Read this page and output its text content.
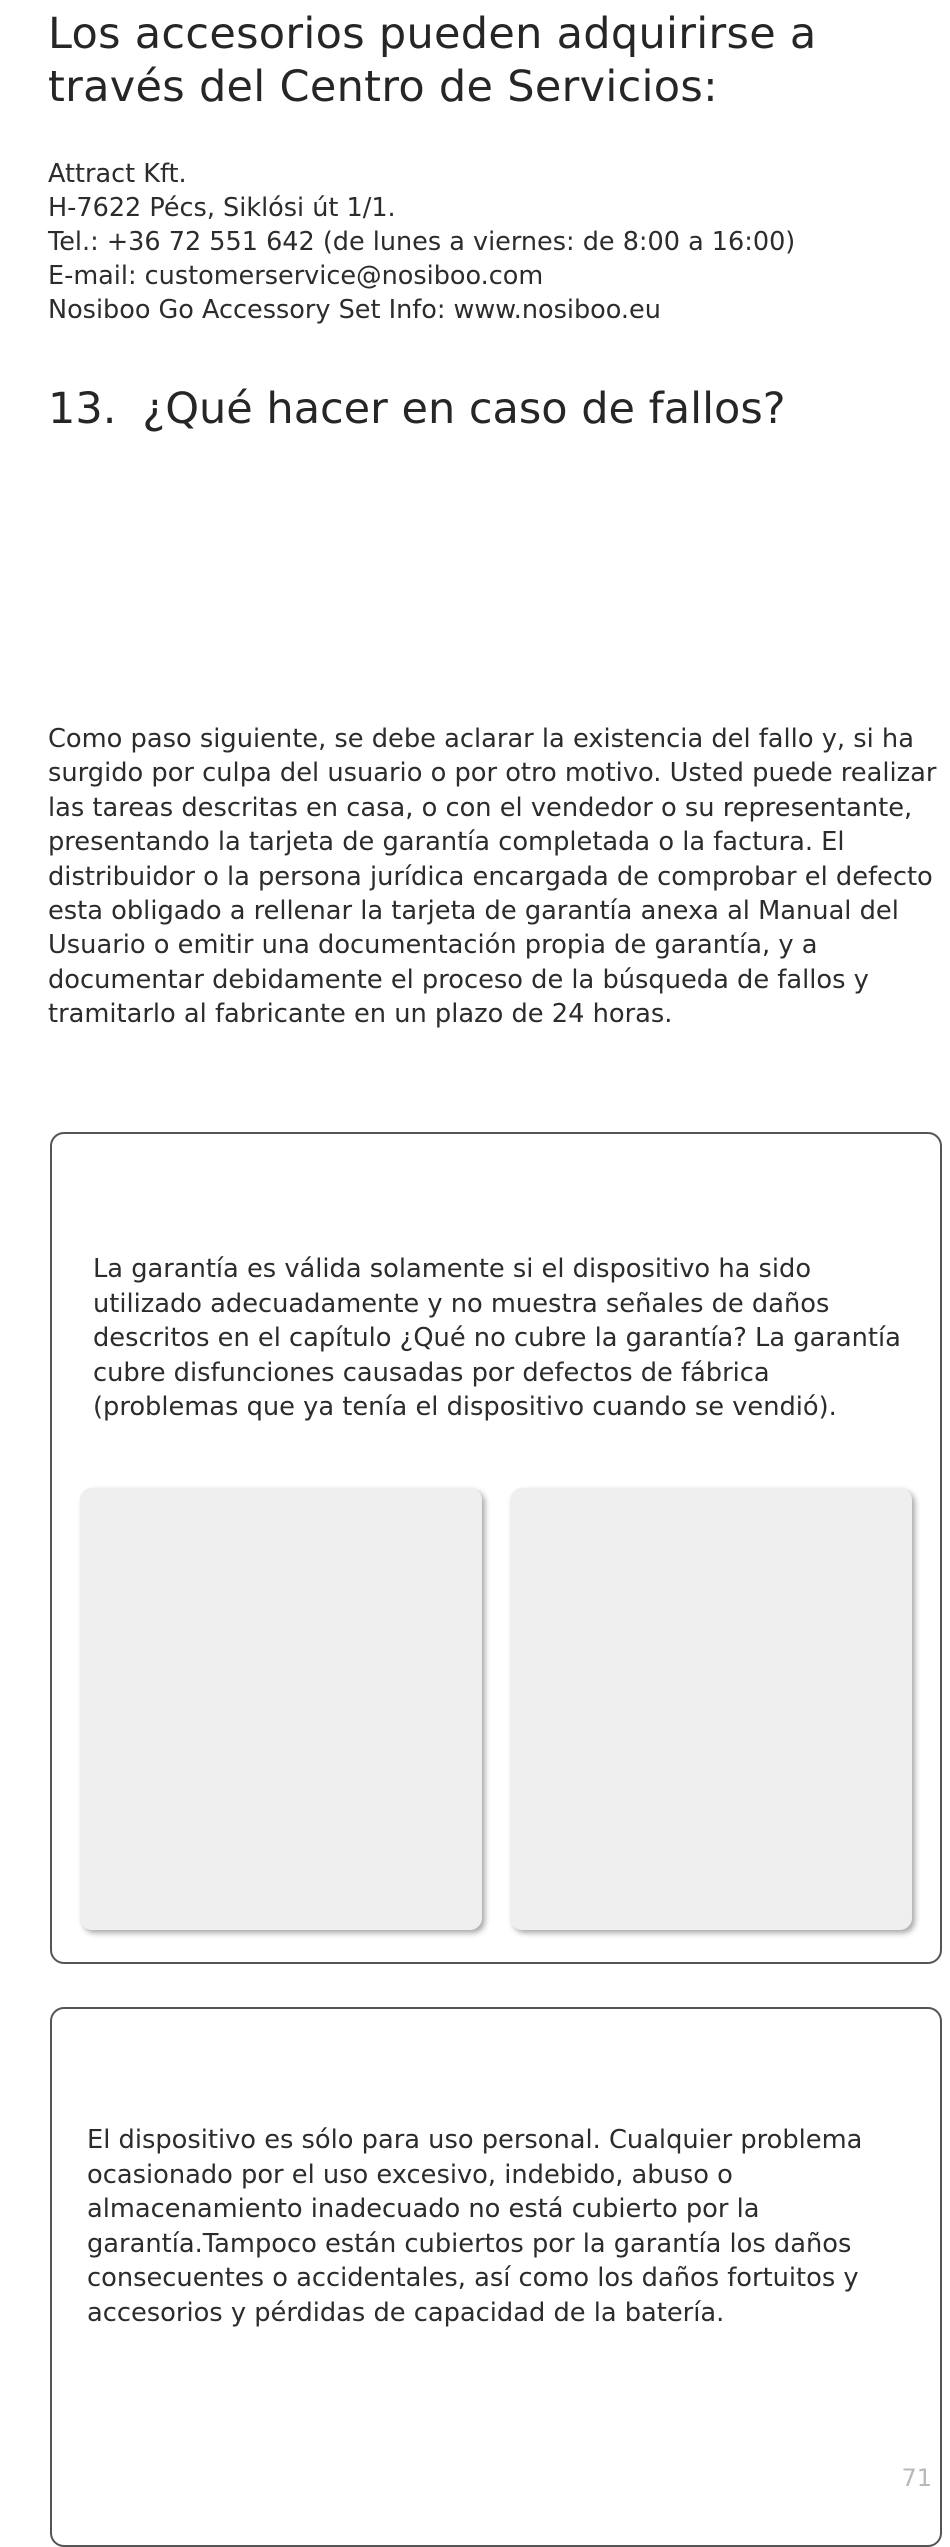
Los accesorios pueden adquirirse a través del Centro de Servicios:
Attract Kft.
H-7622 Pécs, Siklósi út 1/1.
Tel.: +36 72 551 642 (de lunes a viernes: de 8:00 a 16:00)
E-mail: customerservice@nosiboo.com
Nosiboo Go Accessory Set Info: www.nosiboo.eu
13. ¿Qué hacer en caso de fallos?

Como paso siguiente, se debe aclarar la existencia del fallo y, si ha surgido por culpa del usuario o por otro motivo. Usted puede realizar las tareas descritas en casa, o con el vendedor o su representante, presentando la tarjeta de garantía completada o la factura. El distribuidor o la persona jurídica encargada de comprobar el defecto esta obligado a rellenar la tarjeta de garantía anexa al Manual del Usuario o emitir una documentación propia de garantía, y a documentar debidamente el proceso de la búsqueda de fallos y tramitarlo al fabricante en un plazo de 24 horas.

La garantía es válida solamente si el dispositivo ha sido utilizado adecuadamente y no muestra señales de daños descritos en el capítulo ¿Qué no cubre la garantía? La garantía cubre disfunciones causadas por defectos de fábrica (problemas que ya tenía el dispositivo cuando se vendió).

El dispositivo es sólo para uso personal. Cualquier problema ocasionado por el uso excesivo, indebido, abuso o almacenamiento inadecuado no está cubierto por la garantía.Tampoco están cubiertos por la garantía los daños consecuentes o accidentales, así como los daños fortuitos y accesorios y pérdidas de capacidad de la batería.

71
